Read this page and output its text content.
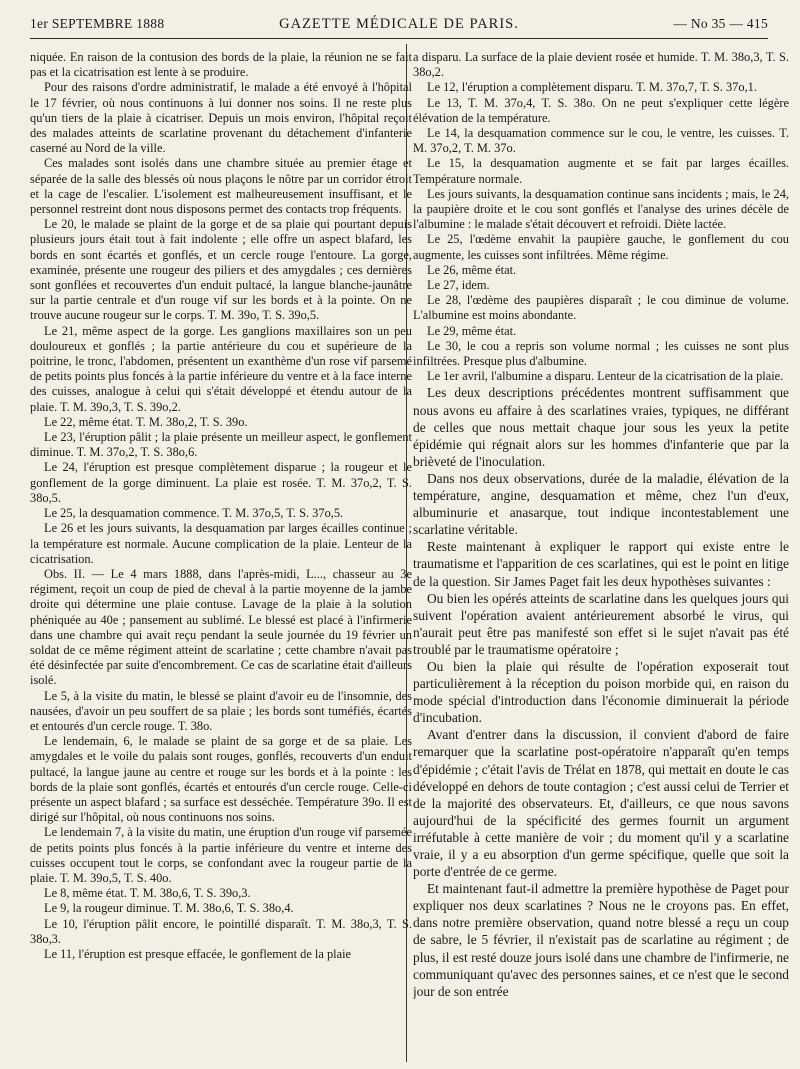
1er SEPTEMBRE 1888	GAZETTE MÉDICALE DE PARIS.	— No 35 — 415

niquée. En raison de la contusion des bords de la plaie, la réunion ne se fait pas et la cicatrisation est lente à se produire.

Pour des raisons d'ordre administratif, le malade a été envoyé à l'hôpital le 17 février, où nous continuons à lui donner nos soins. Il ne reste plus qu'un tiers de la plaie à cicatriser. Depuis un mois environ, l'hôpital reçoit des malades atteints de scarlatine provenant du détachement d'infanterie caserné au Nord de la ville.

Ces malades sont isolés dans une chambre située au premier étage et séparée de la salle des blessés où nous plaçons le nôtre par un corridor étroit et la cage de l'escalier. L'isolement est malheureusement insuffisant, et le personnel restreint dont nous disposons permet des contacts trop fréquents.

Le 20, le malade se plaint de la gorge et de sa plaie qui pourtant depuis plusieurs jours était tout à fait indolente ; elle offre un aspect blafard, les bords en sont écartés et gonflés, et un cercle rouge l'entoure. La gorge, examinée, présente une rougeur des piliers et des amygdales ; ces dernières sont gonflées et recouvertes d'un enduit pultacé, la langue blanche-jaunâtre sur la partie centrale et d'un rouge vif sur les bords et à la pointe. On ne trouve aucune rougeur sur le corps. T. M. 39o, T. S. 39o,5.

Le 21, même aspect de la gorge. Les ganglions maxillaires son un peu douloureux et gonflés ; la partie antérieure du cou et supérieure de la poitrine, le tronc, l'abdomen, présentent un exanthème d'un rose vif parsemé de petits points plus foncés à la partie inférieure du ventre et à la face interne des cuisses, analogue à celui qui s'était développé et étendu autour de la plaie. T. M. 39o,3, T. S. 39o,2.

Le 22, même état. T. M. 38o,2, T. S. 39o.

Le 23, l'éruption pâlit ; la plaie présente un meilleur aspect, le gonflement diminue. T. M. 37o,2, T. S. 38o,6.

Le 24, l'éruption est presque complètement disparue ; la rougeur et le gonflement de la gorge diminuent. La plaie est rosée. T. M. 37o,2, T. S. 38o,5.

Le 25, la desquamation commence. T. M. 37o,5, T. S. 37o,5.

Le 26 et les jours suivants, la desquamation par larges écailles continue ; la température est normale. Aucune complication de la plaie. Lenteur de la cicatrisation.

Obs. II. — Le 4 mars 1888, dans l'après-midi, L..., chasseur au 3e régiment, reçoit un coup de pied de cheval à la partie moyenne de la jambe droite qui détermine une plaie contuse. Lavage de la plaie à la solution phéniquée au 40e ; pansement au sublimé. Le blessé est placé à l'infirmerie dans une chambre qui avait reçu pendant la seule journée du 19 février un soldat de ce même régiment atteint de scarlatine ; cette chambre n'avait pas été désinfectée par suite d'encombrement. Ce cas de scarlatine était d'ailleurs isolé.

Le 5, à la visite du matin, le blessé se plaint d'avoir eu de l'insomnie, des nausées, d'avoir un peu souffert de sa plaie ; les bords sont tuméfiés, écartés et entourés d'un cercle rouge. T. 38o.

Le lendemain, 6, le malade se plaint de sa gorge et de sa plaie. Les amygdales et le voile du palais sont rouges, gonflés, recouverts d'un enduit pultacé, la langue jaune au centre et rouge sur les bords et à la pointe : les bords de la plaie sont gonflés, écartés et entourés d'un cercle rouge. Celle-ci présente un aspect blafard ; sa surface est desséchée. Température 39o. Il est dirigé sur l'hôpital, où nous continuons nos soins.

Le lendemain 7, à la visite du matin, une éruption d'un rouge vif parsemée de petits points plus foncés à la partie inférieure du ventre et interne des cuisses occupent tout le corps, se confondant avec la rougeur partie de la plaie. T. M. 39o,5, T. S. 40o.

Le 8, même état. T. M. 38o,6, T. S. 39o,3.

Le 9, la rougeur diminue. T. M. 38o,6, T. S. 38o,4.

Le 10, l'éruption pâlit encore, le pointillé disparaît. T. M. 38o,3, T. S. 38o,3.

Le 11, l'éruption est presque effacée, le gonflement de la plaie

a disparu. La surface de la plaie devient rosée et humide. T. M. 38o,3, T. S. 38o,2.

Le 12, l'éruption a complètement disparu. T. M. 37o,7, T. S. 37o,1.

Le 13, T. M. 37o,4, T. S. 38o. On ne peut s'expliquer cette légère élévation de la température.

Le 14, la desquamation commence sur le cou, le ventre, les cuisses. T. M. 37o,2, T. M. 37o.

Le 15, la desquamation augmente et se fait par larges écailles. Température normale.

Les jours suivants, la desquamation continue sans incidents ; mais, le 24, la paupière droite et le cou sont gonflés et l'analyse des urines décèle de l'albumine : le malade s'était découvert et refroidi. Diète lactée.

Le 25, l'œdème envahit la paupière gauche, le gonflement du cou augmente, les cuisses sont infiltrées. Même régime.

Le 26, même état.

Le 27, idem.

Le 28, l'œdème des paupières disparaît ; le cou diminue de volume. L'albumine est moins abondante.

Le 29, même état.

Le 30, le cou a repris son volume normal ; les cuisses ne sont plus infiltrées. Presque plus d'albumine.

Le 1er avril, l'albumine a disparu. Lenteur de la cicatrisation de la plaie.

Les deux descriptions précédentes montrent suffisamment que nous avons eu affaire à des scarlatines vraies, typiques, ne différant de celles que nous mettait chaque jour sous les yeux la petite épidémie qui régnait alors sur les hommes d'infanterie que par la brièveté de l'inoculation.

Dans nos deux observations, durée de la maladie, élévation de la température, angine, desquamation et même, chez l'un d'eux, albuminurie et anasarque, tout indique incontestablement une scarlatine véritable.

Reste maintenant à expliquer le rapport qui existe entre le traumatisme et l'apparition de ces scarlatines, qui est le point en litige de la question. Sir James Paget fait les deux hypothèses suivantes :

Ou bien les opérés atteints de scarlatine dans les quelques jours qui suivent l'opération avaient antérieurement absorbé le virus, qui n'aurait peut être pas manifesté son effet si le sujet n'avait pas été troublé par le traumatisme opératoire ;

Ou bien la plaie qui résulte de l'opération exposerait tout particulièrement à la réception du poison morbide qui, en raison du mode spécial d'introduction dans l'économie diminuerait la période d'incubation.

Avant d'entrer dans la discussion, il convient d'abord de faire remarquer que la scarlatine post-opératoire n'apparaît qu'en temps d'épidémie ; c'était l'avis de Trélat en 1878, qui mettait en doute le cas développé en dehors de toute contagion ; c'est aussi celui de Terrier et de la majorité des observateurs. Et, d'ailleurs, ce que nous savons aujourd'hui de la spécificité des germes fournit un argument irréfutable à cette manière de voir ; du moment qu'il y a scarlatine vraie, il y a eu absorption d'un germe spécifique, quelle que soit la porte d'entrée de ce germe.

Et maintenant faut-il admettre la première hypothèse de Paget pour expliquer nos deux scarlatines ? Nous ne le croyons pas. En effet, dans notre première observation, quand notre blessé a reçu un coup de sabre, le 5 février, il n'existait pas de scarlatine au régiment ; de plus, il est resté douze jours isolé dans une chambre de l'infirmerie, ne communiquant qu'avec des personnes saines, et ce n'est que le second jour de son entrée
